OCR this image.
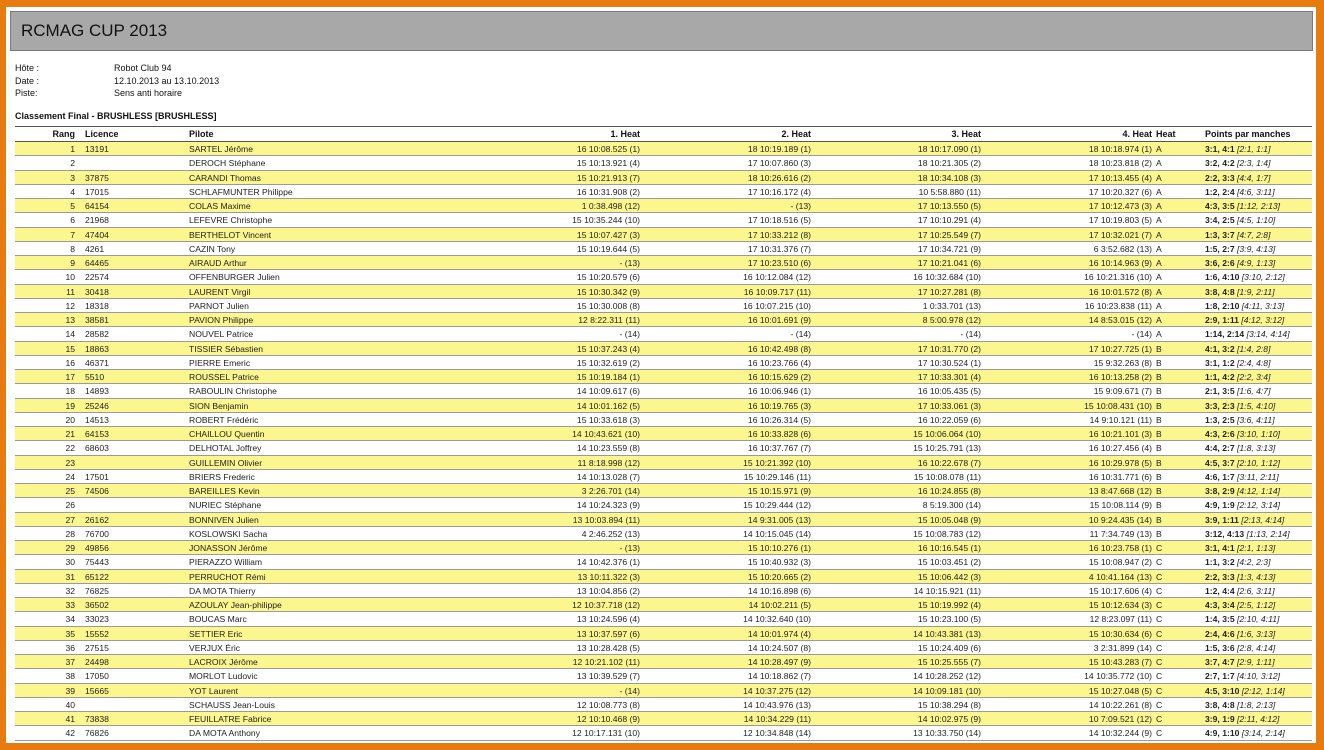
RCMAG CUP 2013
Hôte :	Robot Club 94
Date :	12.10.2013 au 13.10.2013
Piste:	Sens anti horaire
Classement Final - BRUSHLESS [BRUSHLESS]
Rang Licence	Pilote	1. Heat	2. Heat	3. Heat	4. Heat Heat	Points par manches
1 13191	SARTEL Jérôme	16 10:08.525 (1)	18 10:19.189 (1)	18 10:17.090 (1)	18 10:18.974 (1) A	3:1, 4:1 [2:1, 1:1]
2	DEROCH Stéphane	15 10:13.921 (4)	17 10:07.860 (3)	18 10:21.305 (2)	18 10:23.818 (2) A	3:2, 4:2 [2:3, 1:4]
3 37875	CARANDI Thomas	15 10:21.913 (7)	18 10:26.616 (2)	18 10:34.108 (3)	17 10:13.455 (4) A	2:2, 3:3 [4:4, 1:7]
4 17015	SCHLAFMUNTER Philippe	16 10:31.908 (2)	17 10:16.172 (4)	10 5:58.880 (11)	17 10:20.327 (6) A	1:2, 2:4 [4:6, 3:11]
5 64154	COLAS Maxime	1 0:38.498 (12)	- (13)	17 10:13.550 (5)	17 10:12.473 (3) A	4:3, 3:5 [1:12, 2:13]
6 21968	LEFEVRE Christophe	15 10:35.244 (10)	17 10:18.516 (5)	17 10:10.291 (4)	17 10:19.803 (5) A	3:4, 2:5 [4:5, 1:10]
7 47404	BERTHELOT Vincent	15 10:07.427 (3)	17 10:33.212 (8)	17 10:25.549 (7)	17 10:32.021 (7) A	1:3, 3:7 [4:7, 2:8]
8 4261	CAZIN Tony	15 10:19.644 (5)	17 10:31.376 (7)	17 10:34.721 (9)	6 3:52.682 (13) A	1:5, 2:7 [3:9, 4:13]
9 64465	AIRAUD Arthur	- (13)	17 10:23.510 (6)	17 10:21.041 (6)	16 10:14.963 (9) A	3:6, 2:6 [4:9, 1:13]
10 22574	OFFENBURGER Julien	15 10:20.579 (6)	16 10:12.084 (12)	16 10:32.684 (10)	16 10:21.316 (10) A	1:6, 4:10 [3:10, 2:12]
11 30418	LAURENT Virgil	15 10:30.342 (9)	16 10:09.717 (11)	17 10:27.281 (8)	16 10:01.572 (8) A	3:8, 4:8 [1:9, 2:11]
12 18318	PARNOT Julien	15 10:30.008 (8)	16 10:07.215 (10)	1 0:33.701 (13)	16 10:23.838 (11) A	1:8, 2:10 [4:11, 3:13]
13 38581	PAVION Philippe	12 8:22.311 (11)	16 10:01.691 (9)	8 5:00.978 (12)	14 8:53.015 (12) A	2:9, 1:11 [4:12, 3:12]
14 28582	NOUVEL Patrice	- (14)	- (14)	- (14)	- (14) A	1:14, 2:14 [3:14, 4:14]
15 18863	TISSIER Sébastien	15 10:37.243 (4)	16 10:42.498 (8)	17 10:31.770 (2)	17 10:27.725 (1) B	4:1, 3:2 [1:4, 2:8]
16 46371	PIERRE Emeric	15 10:32.619 (2)	16 10:23.766 (4)	17 10:30.524 (1)	15 9:32.263 (8) B	3:1, 1:2 [2:4, 4:8]
17 5510	ROUSSEL Patrice	15 10:19.184 (1)	16 10:15.629 (2)	17 10:33.301 (4)	16 10:13.258 (2) B	1:1, 4:2 [2:2, 3:4]
18 14893	RABOULIN Christophe	14 10:09.617 (6)	16 10:06.946 (1)	16 10:05.435 (5)	15 9:09.671 (7) B	2:1, 3:5 [1:6, 4:7]
19 25246	SION Benjamin	14 10:01.162 (5)	16 10:19.765 (3)	17 10:33.061 (3)	15 10:08.431 (10) B	3:3, 2:3 [1:5, 4:10]
20 14513	ROBERT Frédéric	15 10:33.618 (3)	16 10:26.314 (5)	16 10:22.059 (6)	14 9:10.121 (11) B	1:3, 2:5 [3:6, 4:11]
21 64153	CHAILLOU Quentin	14 10:43.621 (10)	16 10:33.828 (6)	15 10:06.064 (10)	16 10:21.101 (3) B	4:3, 2:6 [3:10, 1:10]
22 68603	DELHOTAL Joffrey	14 10:23.559 (8)	16 10:37.767 (7)	15 10:25.791 (13)	16 10:27.456 (4) B	4:4, 2:7 [1:8, 3:13]
23	GUILLEMIN Olivier	11 8:18.998 (12)	15 10:21.392 (10)	16 10:22.678 (7)	16 10:29.978 (5) B	4:5, 3:7 [2:10, 1:12]
24 17501	BRIERS Frederic	14 10:13.028 (7)	15 10:29.146 (11)	15 10:08.078 (11)	16 10:31.771 (6) B	4:6, 1:7 [3:11, 2:11]
25 74506	BAREILLES Kevin	3 2:26.701 (14)	15 10:15.971 (9)	16 10:24.855 (8)	13 8:47.668 (12) B	3:8, 2:9 [4:12, 1:14]
26	NURIEC Stéphane	14 10:24.323 (9)	15 10:29.444 (12)	8 5:19.300 (14)	15 10:08.114 (9) B	4:9, 1:9 [2:12, 3:14]
27 26162	BONNIVEN Julien	13 10:03.894 (11)	14 9:31.005 (13)	15 10:05.048 (9)	10 9:24.435 (14) B	3:9, 1:11 [2:13, 4:14]
28 76700	KOSLOWSKI Sacha	4 2:46.252 (13)	14 10:15.045 (14)	15 10:08.783 (12)	11 7:34.749 (13) B	3:12, 4:13 [1:13, 2:14]
29 49856	JONASSON Jérôme	- (13)	15 10:10.276 (1)	16 10:16.545 (1)	16 10:23.758 (1) C	3:1, 4:1 [2:1, 1:13]
30 75443	PIERAZZO William	14 10:42.376 (1)	15 10:40.932 (3)	15 10:03.451 (2)	15 10:08.947 (2) C	1:1, 3:2 [4:2, 2:3]
31 65122	PERRUCHOT Rémi	13 10:11.322 (3)	15 10:20.665 (2)	15 10:06.442 (3)	4 10:41.164 (13) C	2:2, 3:3 [1:3, 4:13]
32 76825	DA MOTA Thierry	13 10:04.856 (2)	14 10:16.898 (6)	14 10:15.921 (11)	15 10:17.606 (4) C	1:2, 4:4 [2:6, 3:11]
33 36502	AZOULAY Jean-philippe	12 10:37.718 (12)	14 10:02.211 (5)	15 10:19.992 (4)	15 10:12.634 (3) C	4:3, 3:4 [2:5, 1:12]
34 33023	BOUCAS Marc	13 10:24.596 (4)	14 10:32.640 (10)	15 10:23.100 (5)	12 8:23.097 (11) C	1:4, 3:5 [2:10, 4:11]
35 15552	SETTIER Eric	13 10:37.597 (6)	14 10:01.974 (4)	14 10:43.381 (13)	15 10:30.634 (6) C	2:4, 4:6 [1:6, 3:13]
36 27515	VERJUX Éric	13 10:28.428 (5)	14 10:24.507 (8)	15 10:24.409 (6)	3 2:31.899 (14) C	1:5, 3:6 [2:8, 4:14]
37 24498	LACROIX Jérôme	12 10:21.102 (11)	14 10:28.497 (9)	15 10:25.555 (7)	15 10:43.283 (7) C	3:7, 4:7 [2:9, 1:11]
38 17050	MORLOT Ludovic	13 10:39.529 (7)	14 10:18.862 (7)	14 10:28.252 (12)	14 10:35.772 (10) C	2:7, 1:7 [4:10, 3:12]
39 15665	YOT Laurent	- (14)	14 10:37.275 (12)	14 10:09.181 (10)	15 10:27.048 (5) C	4:5, 3:10 [2:12, 1:14]
40	SCHAUSS Jean-Louis	12 10:08.773 (8)	14 10:43.976 (13)	15 10:38.294 (8)	14 10:22.261 (8) C	3:8, 4:8 [1:8, 2:13]
41 73838	FEUILLATRE Fabrice	12 10:10.468 (9)	14 10:34.229 (11)	14 10:02.975 (9)	10 7:09.521 (12) C	3:9, 1:9 [2:11, 4:12]
42 76826	DA MOTA Anthony	12 10:17.131 (10)	12 10:34.848 (14)	13 10:33.750 (14)	14 10:32.244 (9) C	4:9, 1:10 [3:14, 2:14]
